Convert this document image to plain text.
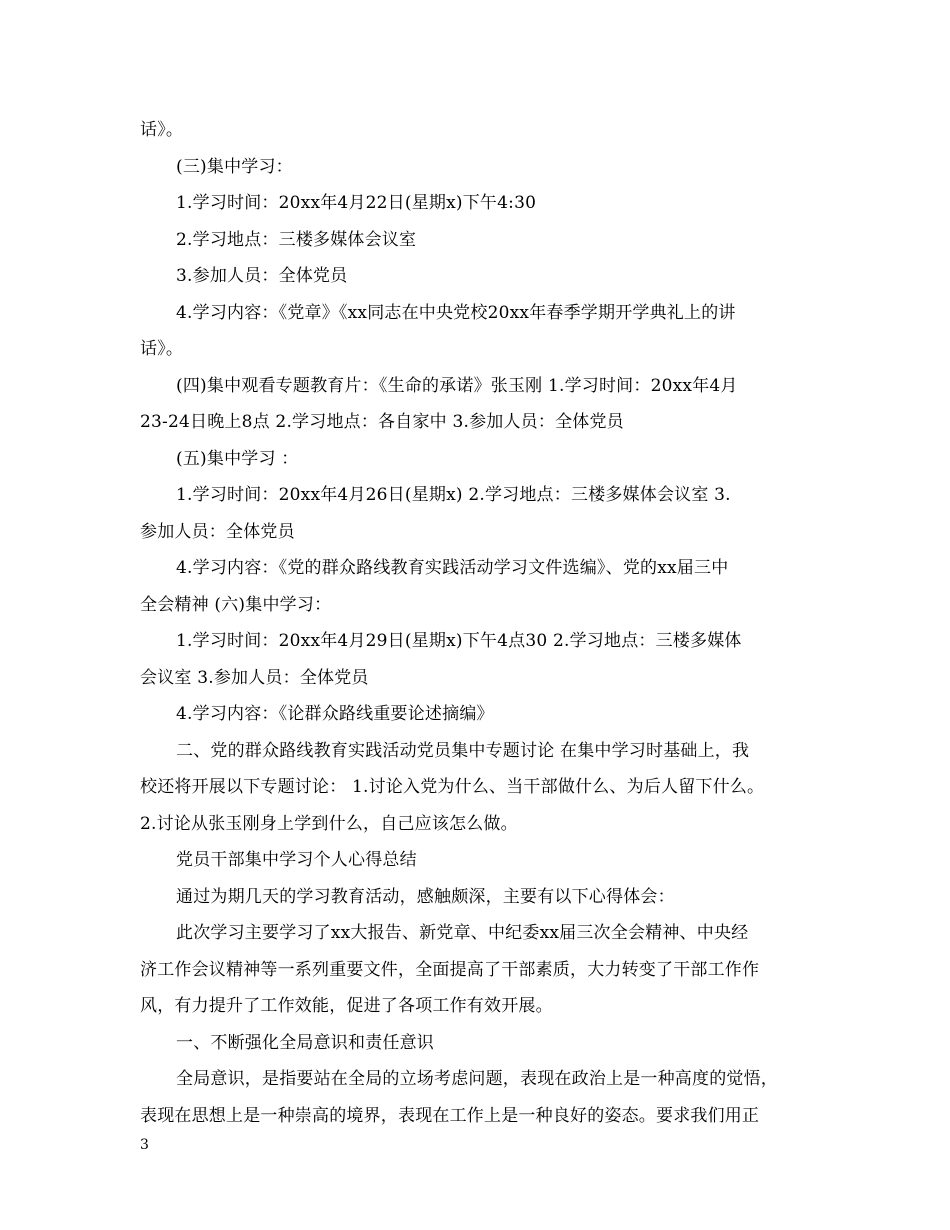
话》。
(三)集中学习：
1.学习时间：20xx年4月22日(星期x)下午4:30
2.学习地点：三楼多媒体会议室
3.参加人员：全体党员
4.学习内容：《党章》《xx同志在中央党校20xx年春季学期开学典礼上的讲
话》。
(四)集中观看专题教育片：《生命的承诺》张玉刚 1.学习时间：20xx年4月
23-24日晚上8点 2.学习地点：各自家中 3.参加人员：全体党员
(五)集中学习 ：
1.学习时间：20xx年4月26日(星期x) 2.学习地点：三楼多媒体会议室 3.
参加人员：全体党员
4.学习内容：《党的群众路线教育实践活动学习文件选编》、党的xx届三中
全会精神 (六)集中学习：
1.学习时间：20xx年4月29日(星期x)下午4点30 2.学习地点：三楼多媒体
会议室 3.参加人员：全体党员
4.学习内容：《论群众路线重要论述摘编》
二、党的群众路线教育实践活动党员集中专题讨论 在集中学习时基础上，我
校还将开展以下专题讨论： 1.讨论入党为什么、当干部做什么、为后人留下什么。
2.讨论从张玉刚身上学到什么，自己应该怎么做。
党员干部集中学习个人心得总结
通过为期几天的学习教育活动，感触颇深，主要有以下心得体会：
此次学习主要学习了xx大报告、新党章、中纪委xx届三次全会精神、中央经
济工作会议精神等一系列重要文件，全面提高了干部素质，大力转变了干部工作作
风，有力提升了工作效能，促进了各项工作有效开展。
一、不断强化全局意识和责任意识
全局意识，是指要站在全局的立场考虑问题，表现在政治上是一种高度的觉悟，
表现在思想上是一种崇高的境界，表现在工作上是一种良好的姿态。要求我们用正
3
